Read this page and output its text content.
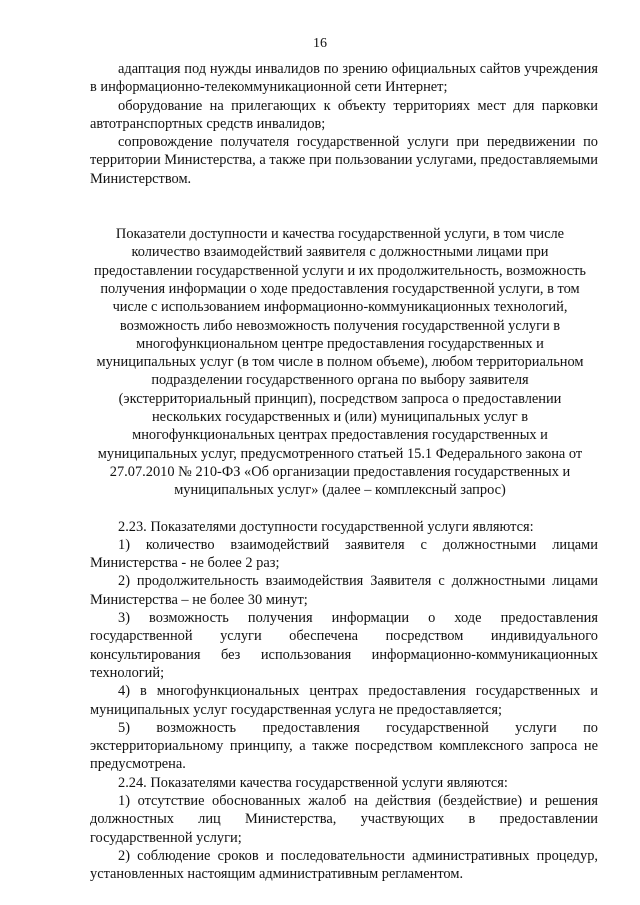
16

адаптация под нужды инвалидов по зрению официальных сайтов учреждения в информационно-телекоммуникационной сети Интернет;

оборудование на прилегающих к объекту территориях мест для парковки автотранспортных средств инвалидов;

сопровождение получателя государственной услуги при передвижении по территории Министерства, а также при пользовании услугами, предоставляемыми Министерством.

Показатели доступности и качества государственной услуги, в том числе количество взаимодействий заявителя с должностными лицами при предоставлении государственной услуги и их продолжительность, возможность получения информации о ходе предоставления государственной услуги, в том числе с использованием информационно-коммуникационных технологий, возможность либо невозможность получения государственной услуги в многофункциональном центре предоставления государственных и муниципальных услуг (в том числе в полном объеме), любом территориальном подразделении государственного органа по выбору заявителя (экстерриториальный принцип), посредством запроса о предоставлении нескольких государственных и (или) муниципальных услуг в многофункциональных центрах предоставления государственных и муниципальных услуг, предусмотренного статьей 15.1 Федерального закона от 27.07.2010 № 210-ФЗ «Об организации предоставления государственных и муниципальных услуг» (далее – комплексный запрос)

2.23. Показателями доступности государственной услуги являются:

1) количество взаимодействий заявителя с должностными лицами Министерства - не более 2 раз;

2) продолжительность взаимодействия Заявителя с должностными лицами Министерства – не более 30 минут;

3) возможность получения информации о ходе предоставления государственной услуги обеспечена посредством индивидуального консультирования без использования информационно-коммуникационных технологий;

4) в многофункциональных центрах предоставления государственных и муниципальных услуг государственная услуга не предоставляется;

5) возможность предоставления государственной услуги по экстерриториальному принципу, а также посредством комплексного запроса не предусмотрена.

2.24. Показателями качества государственной услуги являются:

1) отсутствие обоснованных жалоб на действия (бездействие) и решения должностных лиц Министерства, участвующих в предоставлении государственной услуги;

2) соблюдение сроков и последовательности административных процедур, установленных настоящим административным регламентом.
